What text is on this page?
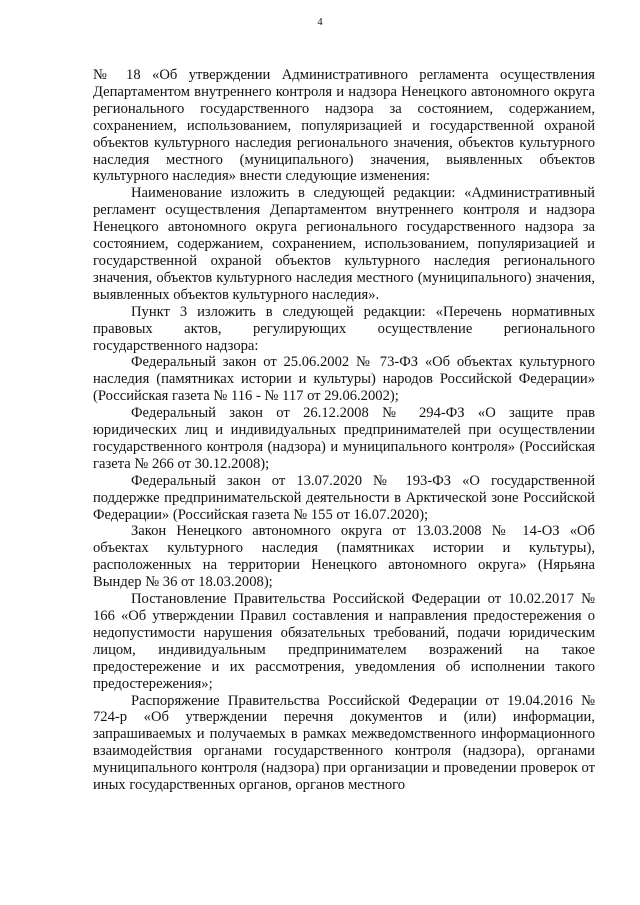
4

№ 18 «Об утверждении Административного регламента осуществления Департаментом внутреннего контроля и надзора Ненецкого автономного округа регионального государственного надзора за состоянием, содержанием, сохранением, использованием, популяризацией и государственной охраной объектов культурного наследия регионального значения, объектов культурного наследия местного (муниципального) значения, выявленных объектов культурного наследия» внести следующие изменения:

Наименование изложить в следующей редакции: «Административный регламент осуществления Департаментом внутреннего контроля и надзора Ненецкого автономного округа регионального государственного надзора за состоянием, содержанием, сохранением, использованием, популяризацией и государственной охраной объектов культурного наследия регионального значения, объектов культурного наследия местного (муниципального) значения, выявленных объектов культурного наследия».

Пункт 3 изложить в следующей редакции: «Перечень нормативных правовых актов, регулирующих осуществление регионального государственного надзора:

Федеральный закон от 25.06.2002 № 73-ФЗ «Об объектах культурного наследия (памятниках истории и культуры) народов Российской Федерации» (Российская газета № 116 - № 117 от 29.06.2002);

Федеральный закон от 26.12.2008 № 294-ФЗ «О защите прав юридических лиц и индивидуальных предпринимателей при осуществлении государственного контроля (надзора) и муниципального контроля» (Российская газета № 266 от 30.12.2008);

Федеральный закон от 13.07.2020 № 193-ФЗ «О государственной поддержке предпринимательской деятельности в Арктической зоне Российской Федерации» (Российская газета № 155 от 16.07.2020);

Закон Ненецкого автономного округа от 13.03.2008 № 14-ОЗ «Об объектах культурного наследия (памятниках истории и культуры), расположенных на территории Ненецкого автономного округа» (Нярьяна Вындер № 36 от 18.03.2008);

Постановление Правительства Российской Федерации от 10.02.2017 № 166 «Об утверждении Правил составления и направления предостережения о недопустимости нарушения обязательных требований, подачи юридическим лицом, индивидуальным предпринимателем возражений на такое предостережение и их рассмотрения, уведомления об исполнении такого предостережения»;

Распоряжение Правительства Российской Федерации от 19.04.2016 № 724-р «Об утверждении перечня документов и (или) информации, запрашиваемых и получаемых в рамках межведомственного информационного взаимодействия органами государственного контроля (надзора), органами муниципального контроля (надзора) при организации и проведении проверок от иных государственных органов, органов местного
